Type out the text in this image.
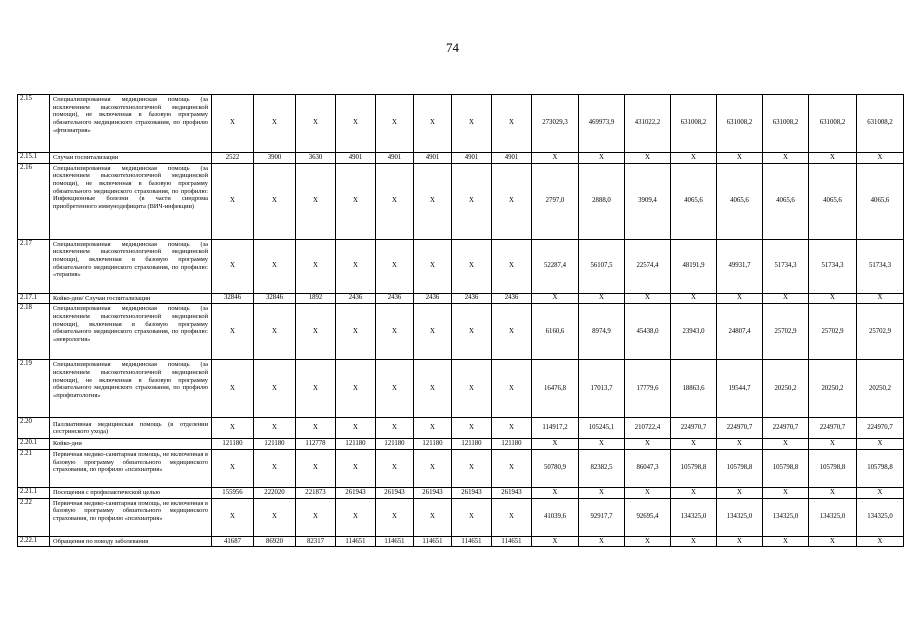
74
2.15	Специализированная медицинская помощь (за исключением высокотехнологичной медицинской помощи), не включенная в базовую программу обязательного медицинского страхования, по профилю «фтизиатрия»	X	X	X	X	X	X	X	X	273029,3	469973,9	431022,2	631008,2	631008,2	631008,2	631008,2	631008,2
2.15.1	Случаи госпитализации	2522	3900	3630	4901	4901	4901	4901	4901	X	X	X	X	X	X	X	X
2.16	Специализированная медицинская помощь (за исключением высокотехнологичной медицинской помощи), не включенная в базовую программу обязательного медицинского страхования, по профилю: Инфекционные болезни (в части синдрома приобретенного иммунодефицита (ВИЧ-инфекции)	X	X	X	X	X	X	X	X	2797,0	2888,0	3909,4	4065,6	4065,6	4065,6	4065,6	4065,6
2.17	Специализированная медицинская помощь (за исключением высокотехнологичной медицинской помощи), включенная в базовую программу обязательного медицинского страхования, по профилю: «терапия»	X	X	X	X	X	X	X	X	52287,4	56107,5	22574,4	48191,9	49931,7	51734,3	51734,3	51734,3
2.17.1	Койко-дни/ Случаи госпитализации	32846	32846	1892	2436	2436	2436	2436	2436	X	X	X	X	X	X	X	X
2.18	Специализированная медицинская помощь (за исключением высокотехнологичной медицинской помощи), включенная в базовую программу обязательного медицинского страхования, по профилю: «неврология»	X	X	X	X	X	X	X	X	6160,6	8974,9	45438,0	23943,0	24807,4	25702,9	25702,9	25702,9
2.19	Специализированная медицинская помощь (за исключением высокотехнологичной медицинской помощи), не включенная в базовую программу обязательного медицинского страхования, по профилю «профпатология»	X	X	X	X	X	X	X	X	16476,8	17013,7	17779,6	18863,6	19544,7	20250,2	20250,2	20250,2
2.20	Паллиативная медицинская помощь (в отделении сестринского ухода)	X	X	X	X	X	X	X	X	114917,2	105245,1	210722,4	224970,7	224970,7	224970,7	224970,7	224970,7
2.20.1	Койко-дни	121180	121180	112778	121180	121180	121180	121180	121180	X	X	X	X	X	X	X	X
2.21	Первичная медико-санитарная помощь, не включенная в базовую программу обязательного медицинского страхования, по профилю «психиатрия»	X	X	X	X	X	X	X	X	50780,9	82382,5	86047,3	105798,8	105798,8	105798,8	105798,8	105798,8
2.21.1	Посещения с профилактической целью	155956	222020	221873	261943	261943	261943	261943	261943	X	X	X	X	X	X	X	X
2.22	Первичная медико-санитарная помощь, не включенная в базовую программу обязательного медицинского страхования, по профилю «психиатрия»	X	X	X	X	X	X	X	X	41039,6	92917,7	92695,4	134325,0	134325,0	134325,0	134325,0	134325,0
2.22.1	Обращения по поводу заболевания	41687	86920	82317	114651	114651	114651	114651	114651	X	X	X	X	X	X	X	X
